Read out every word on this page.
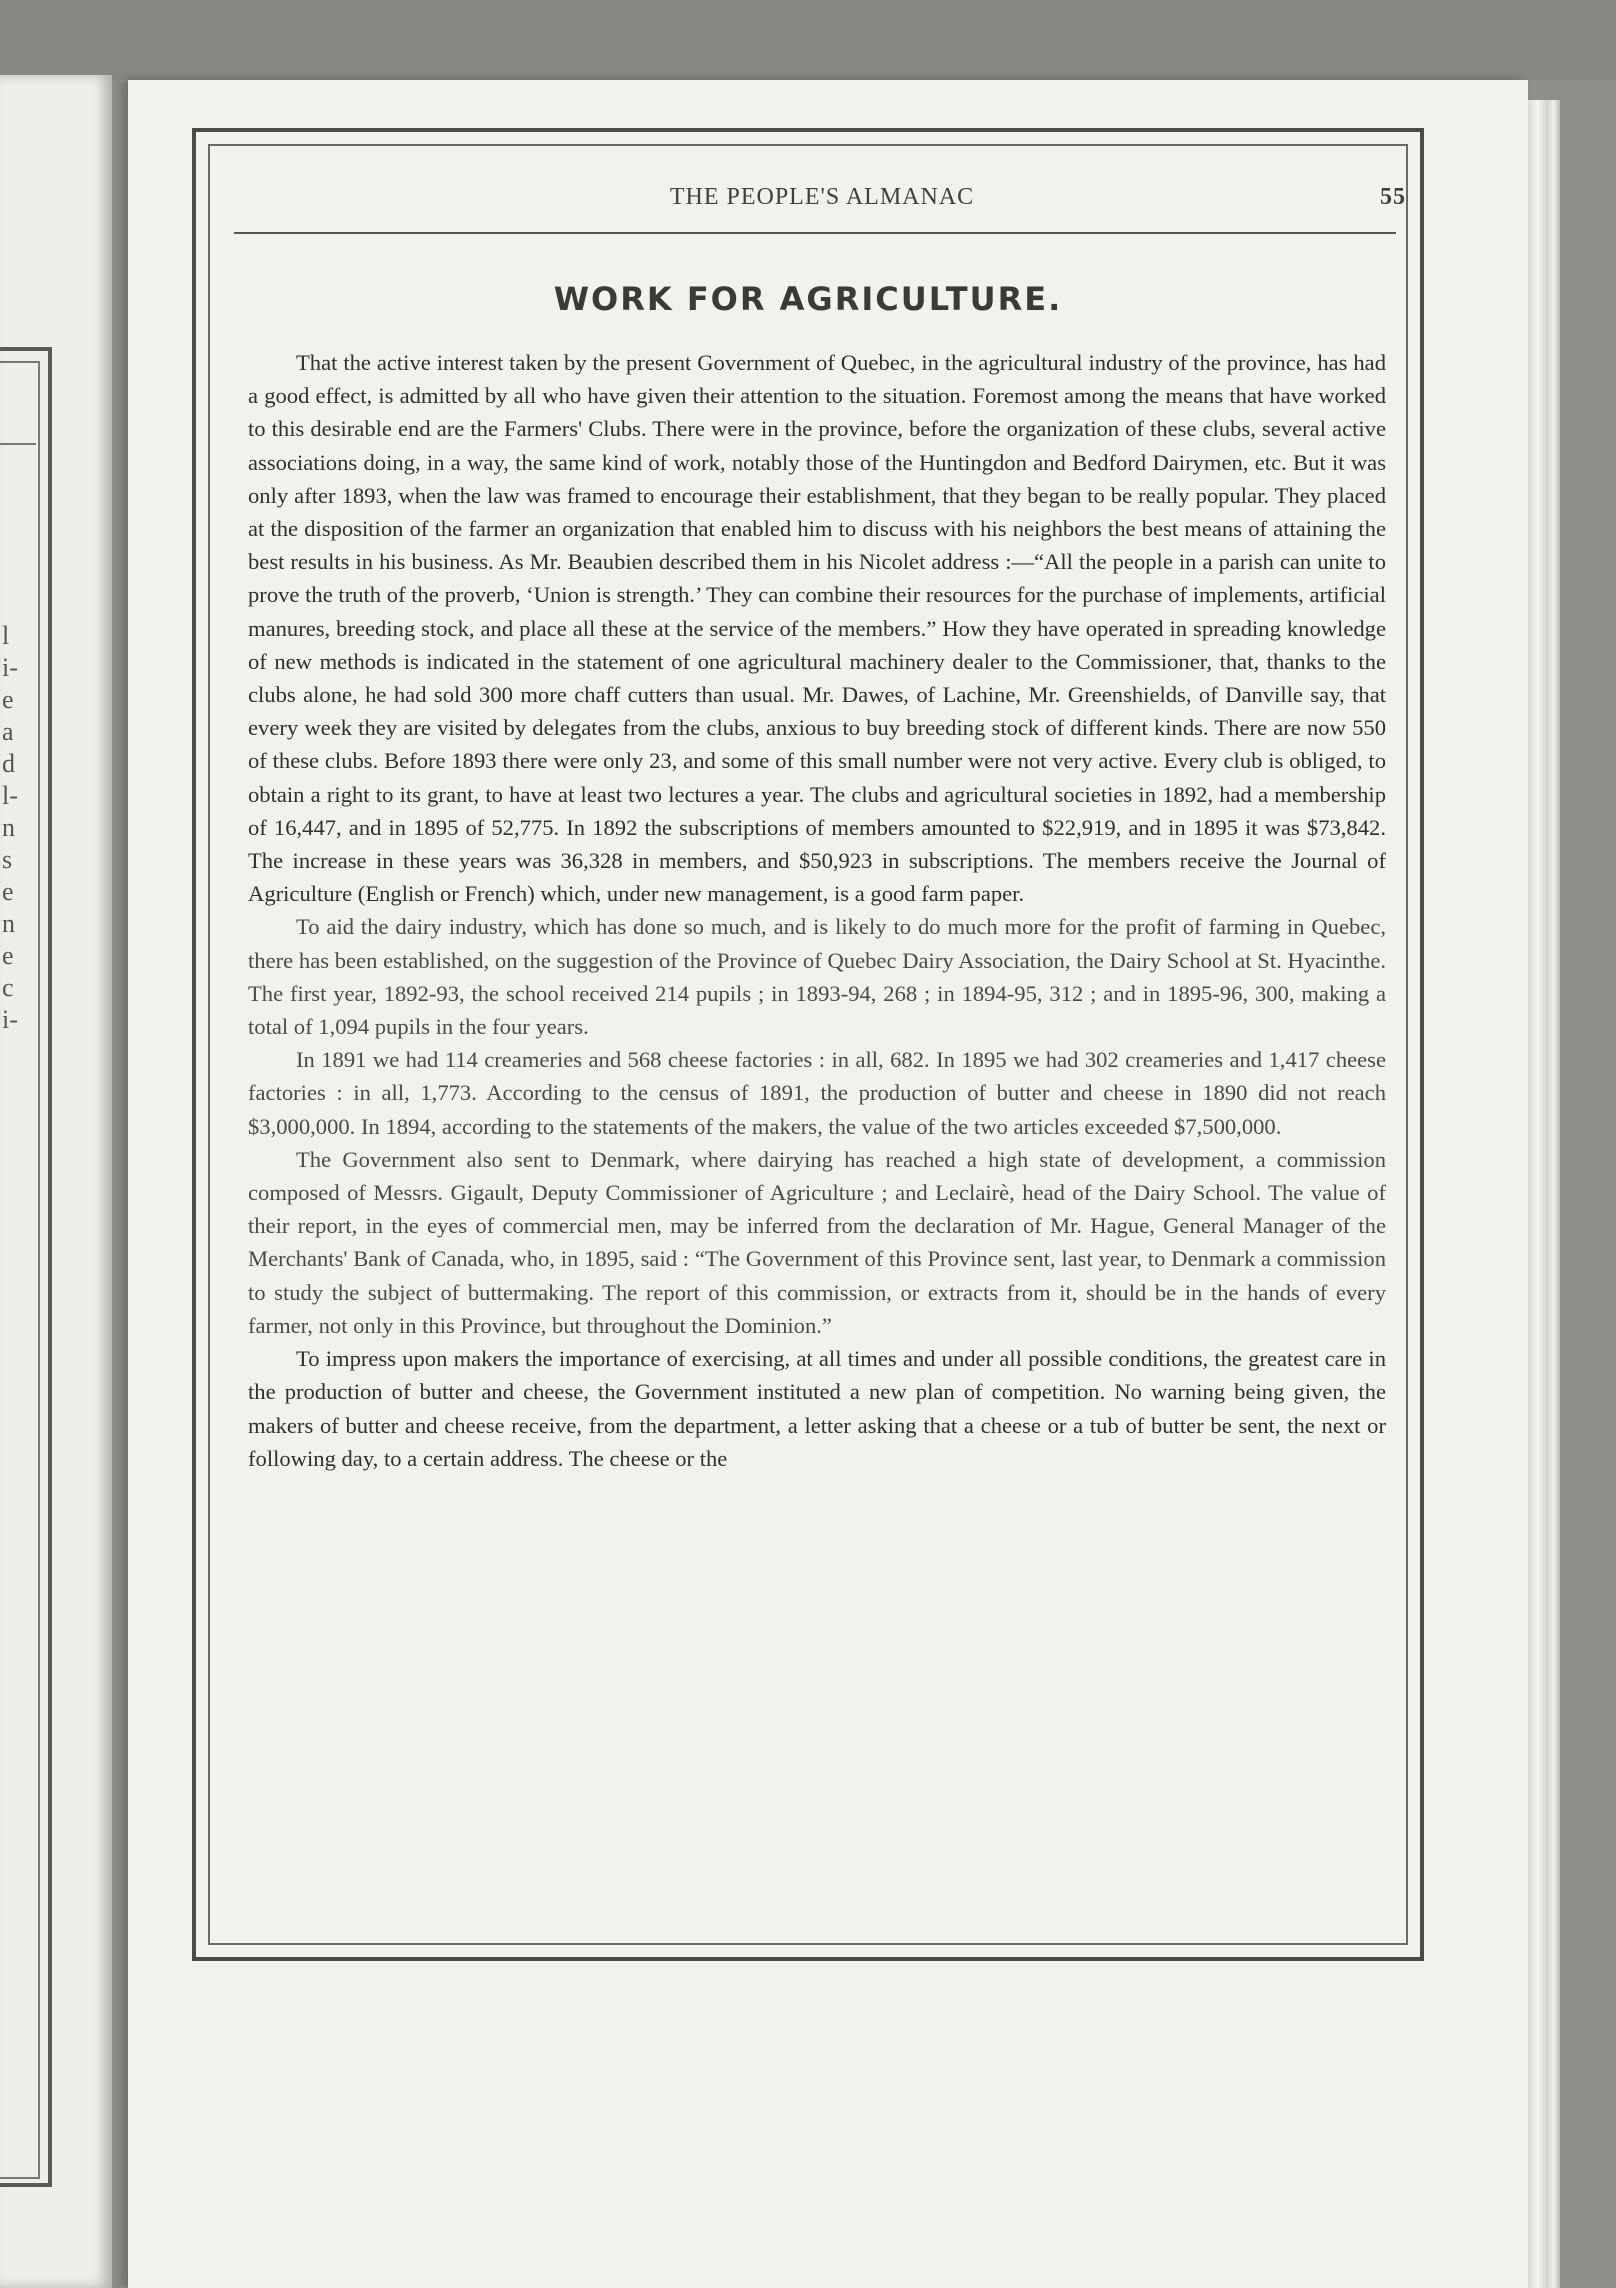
l
i-
e
a
d
l-
n
s
e
n
e
c
i-
THE PEOPLE'S ALMANAC	55
WORK FOR AGRICULTURE.

That the active interest taken by the present Government of Quebec, in the agricultural industry of the province, has had a good effect, is admitted by all who have given their attention to the situation. Foremost among the means that have worked to this desirable end are the Farmers' Clubs. There were in the province, before the organization of these clubs, several active associations doing, in a way, the same kind of work, notably those of the Huntingdon and Bedford Dairymen, etc. But it was only after 1893, when the law was framed to encourage their establishment, that they began to be really popular. They placed at the disposition of the farmer an organization that enabled him to discuss with his neighbors the best means of attaining the best results in his business. As Mr. Beaubien described them in his Nicolet address :—“All the people in a parish can unite to prove the truth of the proverb, ‘Union is strength.’ They can combine their resources for the purchase of implements, artificial manures, breeding stock, and place all these at the service of the members.” How they have operated in spreading knowledge of new methods is indicated in the statement of one agricultural machinery dealer to the Commissioner, that, thanks to the clubs alone, he had sold 300 more chaff cutters than usual. Mr. Dawes, of Lachine, Mr. Greenshields, of Danville say, that every week they are visited by delegates from the clubs, anxious to buy breeding stock of different kinds. There are now 550 of these clubs. Before 1893 there were only 23, and some of this small number were not very active. Every club is obliged, to obtain a right to its grant, to have at least two lectures a year. The clubs and agricultural societies in 1892, had a membership of 16,447, and in 1895 of 52,775. In 1892 the subscriptions of members amounted to $22,919, and in 1895 it was $73,842. The increase in these years was 36,328 in members, and $50,923 in subscriptions. The members receive the Journal of Agriculture (English or French) which, under new management, is a good farm paper.

To aid the dairy industry, which has done so much, and is likely to do much more for the profit of farming in Quebec, there has been established, on the suggestion of the Province of Quebec Dairy Association, the Dairy School at St. Hyacinthe. The first year, 1892-93, the school received 214 pupils ; in 1893-94, 268 ; in 1894-95, 312 ; and in 1895-96, 300, making a total of 1,094 pupils in the four years.

In 1891 we had 114 creameries and 568 cheese factories : in all, 682. In 1895 we had 302 creameries and 1,417 cheese factories : in all, 1,773. According to the census of 1891, the production of butter and cheese in 1890 did not reach $3,000,000. In 1894, according to the statements of the makers, the value of the two articles exceeded $7,500,000.

The Government also sent to Denmark, where dairying has reached a high state of development, a commission composed of Messrs. Gigault, Deputy Commissioner of Agriculture ; and Leclairè, head of the Dairy School. The value of their report, in the eyes of commercial men, may be inferred from the declaration of Mr. Hague, General Manager of the Merchants' Bank of Canada, who, in 1895, said : “The Government of this Province sent, last year, to Denmark a commission to study the subject of buttermaking. The report of this commission, or extracts from it, should be in the hands of every farmer, not only in this Province, but throughout the Dominion.”

To impress upon makers the importance of exercising, at all times and under all possible conditions, the greatest care in the production of butter and cheese, the Government instituted a new plan of competition. No warning being given, the makers of butter and cheese receive, from the department, a letter asking that a cheese or a tub of butter be sent, the next or following day, to a certain address. The cheese or the
